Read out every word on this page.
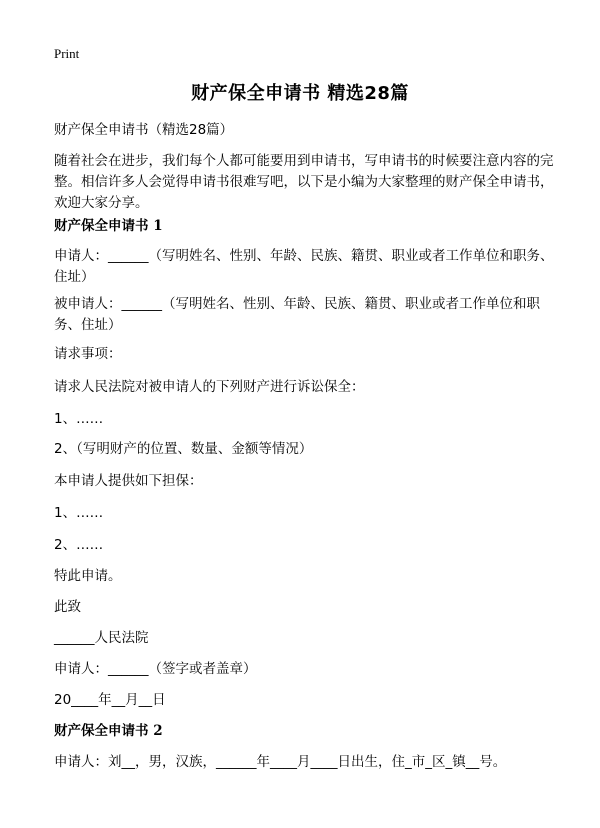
Print
财产保全申请书 精选28篇
财产保全申请书（精选28篇）
随着社会在进步，我们每个人都可能要用到申请书，写申请书的时候要注意内容的完整。相信许多人会觉得申请书很难写吧，以下是小编为大家整理的财产保全申请书，欢迎大家分享。
财产保全申请书 1
申请人：______（写明姓名、性别、年龄、民族、籍贯、职业或者工作单位和职务、住址）
被申请人：______（写明姓名、性别、年龄、民族、籍贯、职业或者工作单位和职务、住址）
请求事项：
请求人民法院对被申请人的下列财产进行诉讼保全：
1、……
2、（写明财产的位置、数量、金额等情况）
本申请人提供如下担保：
1、……
2、……
特此申请。
此致
______人民法院
申请人：______（签字或者盖章）
20____年__月__日
财产保全申请书 2
申请人：刘__，男，汉族，______年____月____日出生，住_市_区_镇__号。
